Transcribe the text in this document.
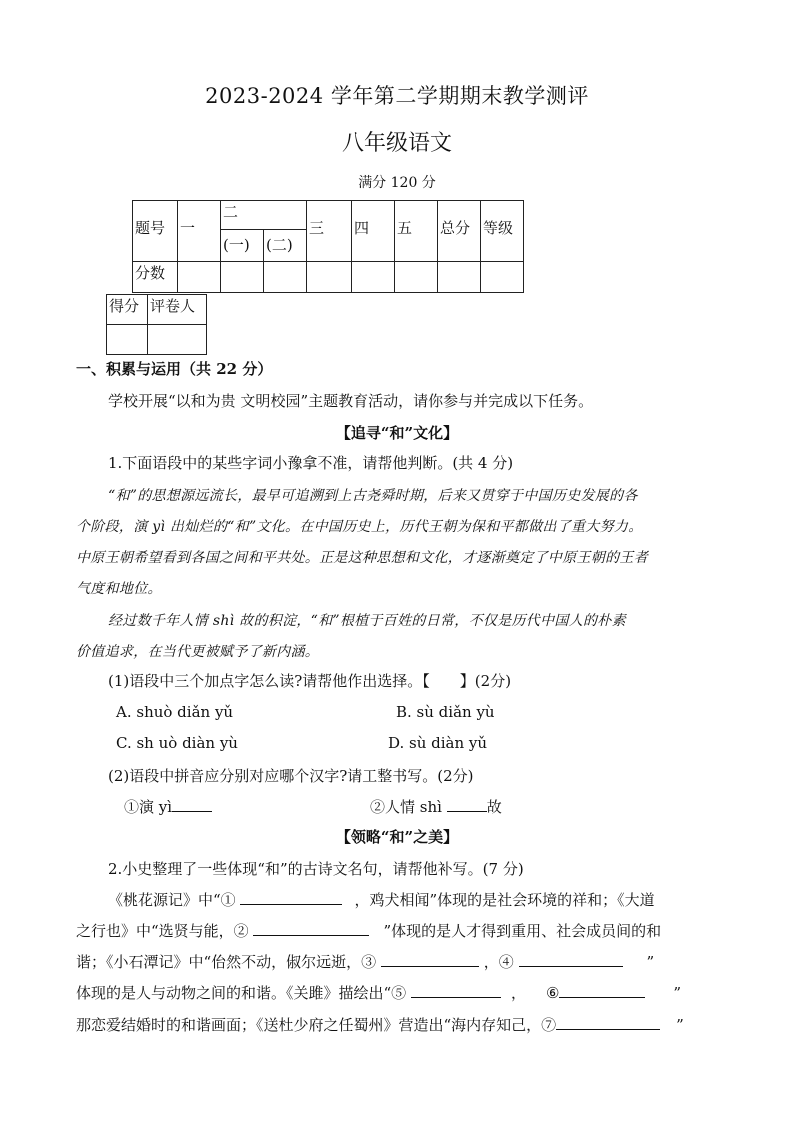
2023-2024 学年第二学期期末教学测评
八年级语文
满分 120 分
题号	一	二		三	四	五	总分	等级
		(一)	(二)					
分数								
得分	评卷人

一、积累与运用（共 22 分）
学校开展“以和为贵 文明校园”主题教育活动，请你参与并完成以下任务。
【追寻“和”文化】
1.下面语段中的某些字词小豫拿不准，请帮他判断。(共 4 分)
“和”的思想源远流长，最早可追溯到上古尧舜时期，后来又贯穿于中国历史发展的各
个阶段，演 yì 出灿烂的“和”文化。在中国历史上，历代王朝为保和平都做出了重大努力。
中原王朝希望看到各国之间和平共处。正是这种思想和文化，才逐渐奠定了中原王朝的王者
气度和地位。
经过数千年人情 shì 故的积淀，“和”根植于百姓的日常，不仅是历代中国人的朴素
价值追求，在当代更被赋予了新内涵。
(1)语段中三个加点字怎么读?请帮他作出选择。【　　】(2分)
A. shuò diǎn yǔ	B. sù diǎn yù
C. sh uò diàn yù	D. sù diàn yǔ
(2)语段中拼音应分别对应哪个汉字?请工整书写。(2分)
①演 yì	②人情 shì	故
【领略“和”之美】
2.小史整理了一些体现“和”的古诗文名句，请帮他补写。(7 分)
《桃花源记》中“①	，鸡犬相闻”体现的是社会环境的祥和；《大道
之行也》中“选贤与能，②	”体现的是人才得到重用、社会成员间的和
谐；《小石潭记》中“佁然不动，俶尔远逝，③	，④	”
体现的是人与动物之间的和谐。《关雎》描绘出“⑤	， ⑥	”
那恋爱结婚时的和谐画面；《送杜少府之任蜀州》营造出“海内存知己，⑦	”
